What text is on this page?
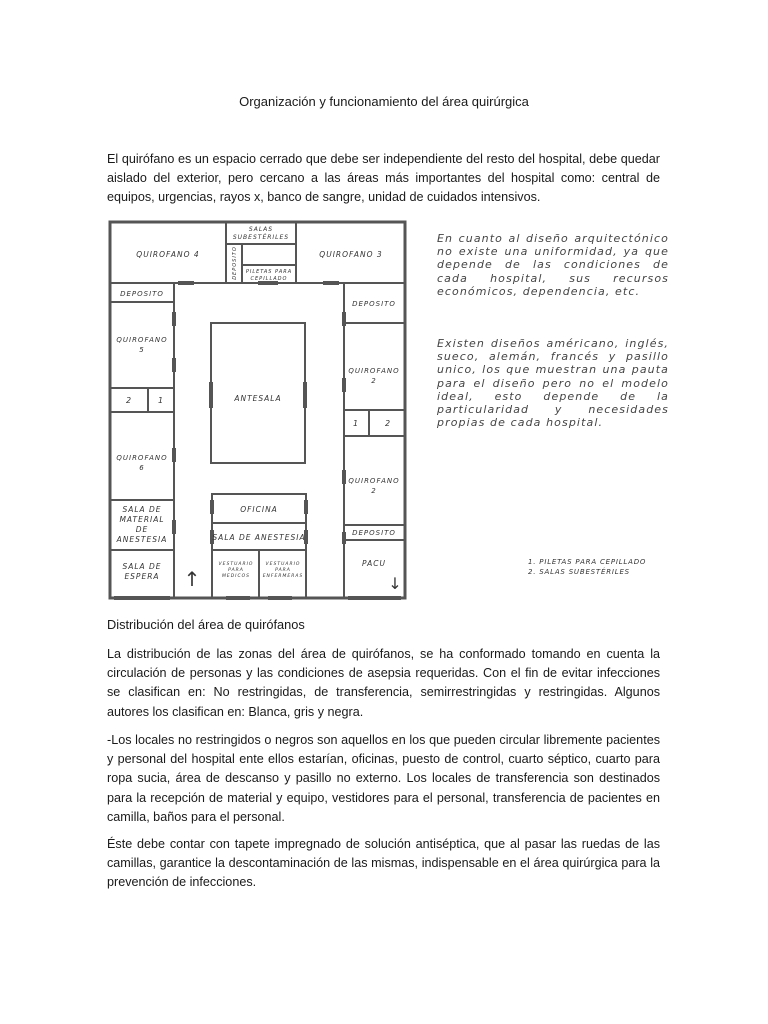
Organización y funcionamiento del área quirúrgica

El quirófano es un espacio cerrado que debe ser independiente del resto del hospital, debe quedar aislado del exterior, pero cercano a las áreas más importantes del hospital como: central de equipos, urgencias, rayos x, banco de sangre, unidad de cuidados intensivos.

SALAS
SUBESTÉRILES
QUIROFANO 4	QUIROFANO 3
DEPOSITO PILETAS PARA
CEPILLADO
DEPOSITO
DEPOSITO
QUIROFANO
5
ANTESALA
QUIROFANO
2
2	1
1	2
QUIROFANO
6
QUIROFANO
2
OFICINA
SALA DE
MATERIAL
DE
ANESTESIA	SALA DE ANESTESIA	DEPOSITO
SALA DE
ESPERA
VESTUARIO
PARA
MEDICOS
VESTUARIO
PARA
ENFERMERAS
PACU
↑	↓

En cuanto al diseño arquitectónico no existe una uniformidad, ya que depende de las condiciones de cada hospital, sus recursos económicos, dependencia, etc.

Existen diseños américano, inglés, sueco, alemán, francés y pasillo unico, los que muestran una pauta para el diseño pero no el modelo ideal, esto depende de la particularidad y necesidades propias de cada hospital.

1. PILETAS PARA CEPILLADO
2. SALAS SUBESTÉRILES
Distribución del área de quirófanos

La distribución de las zonas del área de quirófanos, se ha conformado tomando en cuenta la circulación de personas y las condiciones de asepsia requeridas. Con el fin de evitar infecciones se clasifican en: No restringidas, de transferencia, semirrestringidas y restringidas. Algunos autores los clasifican en: Blanca, gris y negra.

-Los locales no restringidos o negros son aquellos en los que pueden circular libremente pacientes y personal del hospital ente ellos estarían, oficinas, puesto de control, cuarto séptico, cuarto para ropa sucia, área de descanso y pasillo no externo. Los locales de transferencia son destinados para la recepción de material y equipo, vestidores para el personal, transferencia de pacientes en camilla, baños para el personal.

Éste debe contar con tapete impregnado de solución antiséptica, que al pasar las ruedas de las camillas, garantice la descontaminación de las mismas, indispensable en el área quirúrgica para la prevención de infecciones.
